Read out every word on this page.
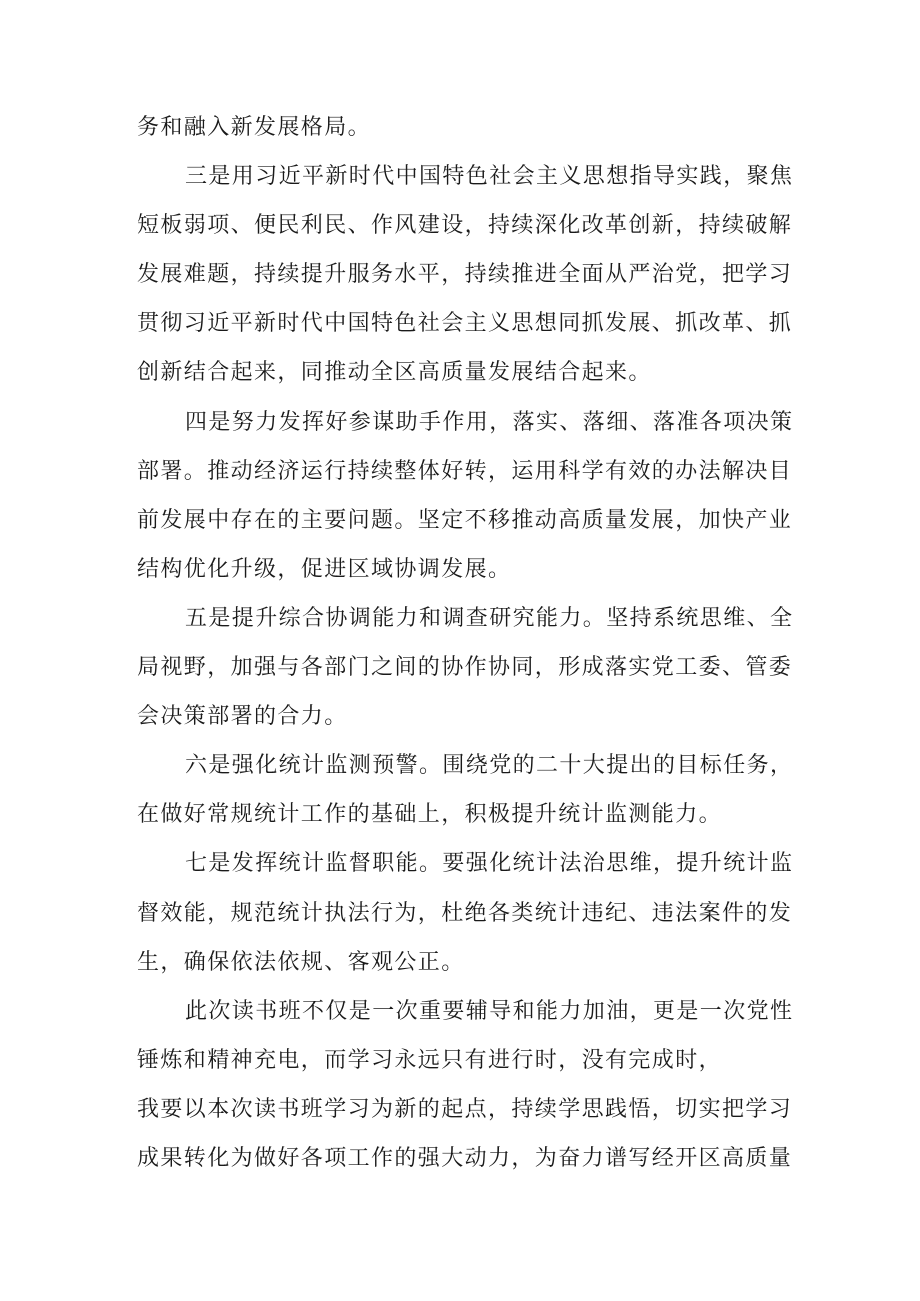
务和融入新发展格局。
三是用习近平新时代中国特色社会主义思想指导实践，聚焦
短板弱项、便民利民、作风建设，持续深化改革创新，持续破解
发展难题，持续提升服务水平，持续推进全面从严治党，把学习
贯彻习近平新时代中国特色社会主义思想同抓发展、抓改革、抓
创新结合起来，同推动全区高质量发展结合起来。
四是努力发挥好参谋助手作用，落实、落细、落准各项决策
部署。推动经济运行持续整体好转，运用科学有效的办法解决目
前发展中存在的主要问题。坚定不移推动高质量发展，加快产业
结构优化升级，促进区域协调发展。
五是提升综合协调能力和调查研究能力。坚持系统思维、全
局视野，加强与各部门之间的协作协同，形成落实党工委、管委
会决策部署的合力。
六是强化统计监测预警。围绕党的二十大提出的目标任务，
在做好常规统计工作的基础上，积极提升统计监测能力。
七是发挥统计监督职能。要强化统计法治思维，提升统计监
督效能，规范统计执法行为，杜绝各类统计违纪、违法案件的发
生，确保依法依规、客观公正。
此次读书班不仅是一次重要辅导和能力加油，更是一次党性
锤炼和精神充电，而学习永远只有进行时，没有完成时，
我要以本次读书班学习为新的起点，持续学思践悟，切实把学习
成果转化为做好各项工作的强大动力，为奋力谱写经开区高质量
